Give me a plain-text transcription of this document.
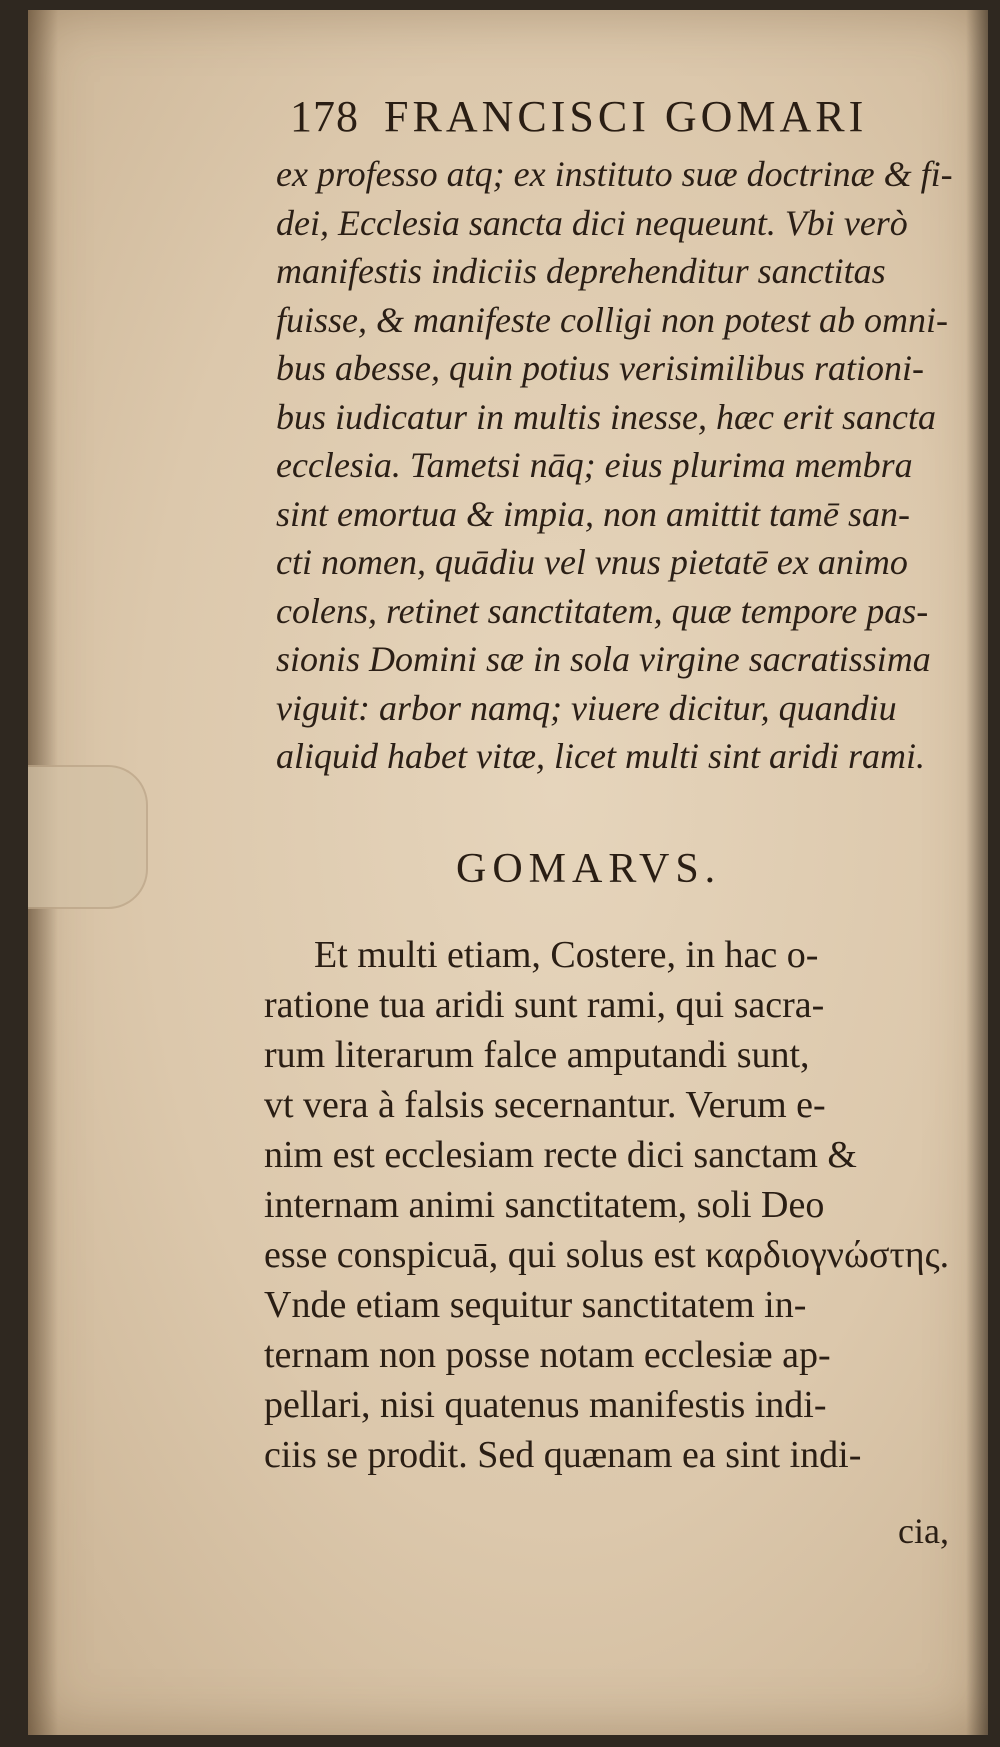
178 FRANCISCI GOMARI
ex professo atq; ex instituto suæ doctrinæ & fi-
dei, Ecclesia sancta dici nequeunt. Vbi verò
manifestis indiciis deprehenditur sanctitas
fuisse, & manifeste colligi non potest ab omni-
bus abesse, quin potius verisimilibus rationi-
bus iudicatur in multis inesse, hæc erit sancta
ecclesia. Tametsi nāq; eius plurima membra
sint emortua & impia, non amittit tamē san-
cti nomen, quādiu vel vnus pietatē ex animo
colens, retinet sanctitatem, quæ tempore pas-
sionis Domini sæ in sola virgine sacratissima
viguit: arbor namq; viuere dicitur, quandiu
aliquid habet vitæ, licet multi sint aridi rami.
GOMARVS.
Et multi etiam, Costere, in hac o-
ratione tua aridi sunt rami, qui sacra-
rum literarum falce amputandi sunt,
vt vera à falsis secernantur. Verum e-
nim est ecclesiam recte dici sanctam &
internam animi sanctitatem, soli Deo
esse conspicuā, qui solus est καρδιογνώστης.
Vnde etiam sequitur sanctitatem in-
ternam non posse notam ecclesiæ ap-
pellari, nisi quatenus manifestis indi-
ciis se prodit. Sed quænam ea sint indi-
cia,
